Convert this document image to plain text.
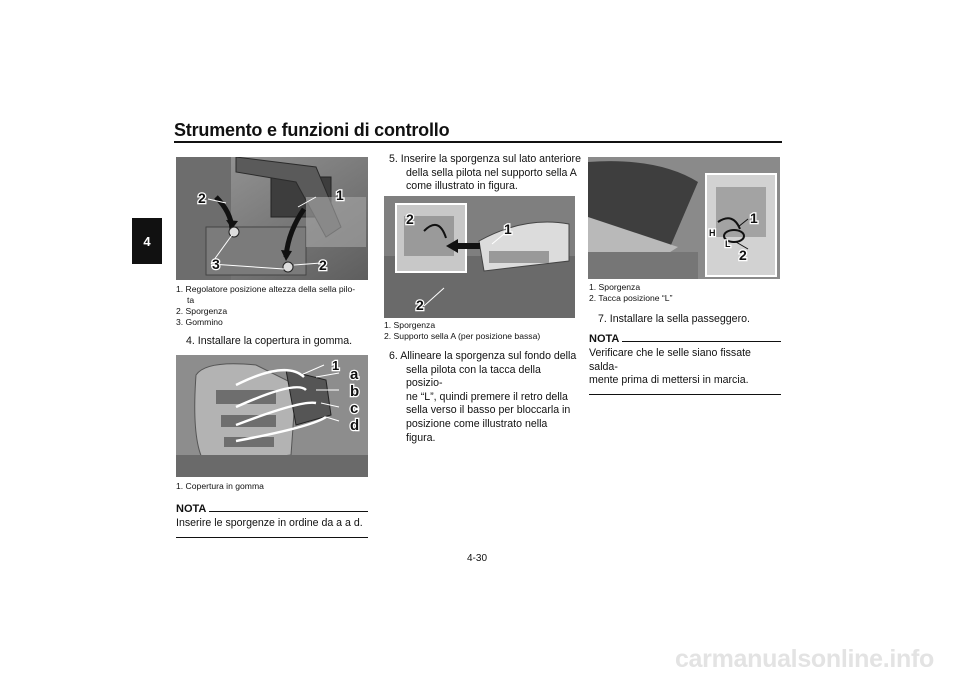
Strumento e funzioni di controllo
4
1
2
3	2
1. Regolatore posizione altezza della sella pilo-
ta
2. Sporgenza
3. Gommino
4. Installare la copertura in gomma.
1
a
b
c
d
1. Copertura in gomma
NOTA
Inserire le sporgenze in ordine da a a d.
5. Inserire la sporgenza sul lato anteriore
della sella pilota nel supporto sella A
come illustrato in figura.
2
1
2
1. Sporgenza
2. Supporto sella A (per posizione bassa)
6. Allineare la sporgenza sul fondo della
sella pilota con la tacca della posizio-
ne “L”, quindi premere il retro della
sella verso il basso per bloccarla in
posizione come illustrato nella figura.
1
2
L
H
1. Sporgenza
2. Tacca posizione “L”
7. Installare la sella passeggero.
NOTA
Verificare che le selle siano fissate salda-
mente prima di mettersi in marcia.
4-30
carmanualsonline.info
